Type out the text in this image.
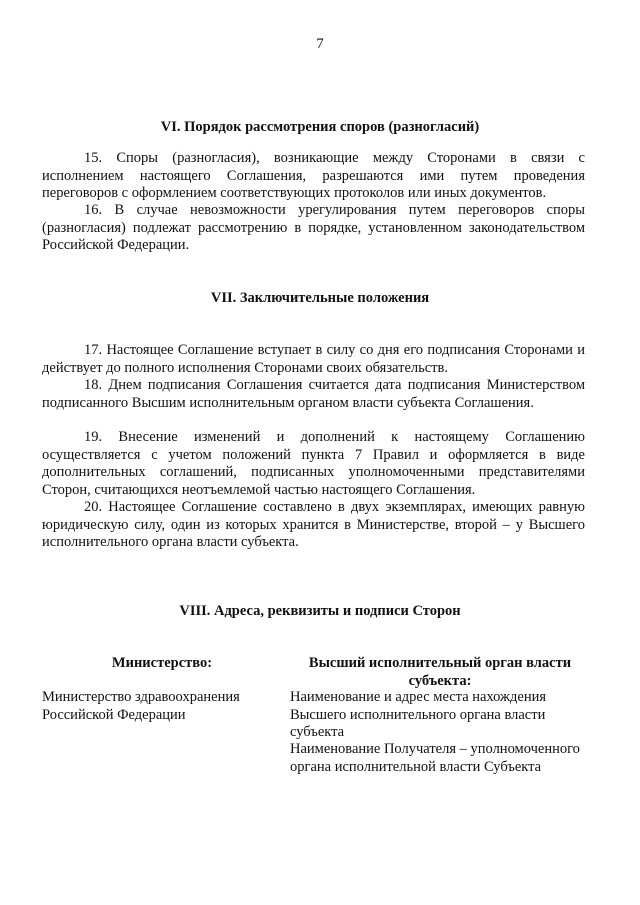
7
VI. Порядок рассмотрения споров (разногласий)

15. Споры (разногласия), возникающие между Сторонами в связи с исполнением настоящего Соглашения, разрешаются ими путем проведения переговоров с оформлением соответствующих протоколов или иных документов.

16. В случае невозможности урегулирования путем переговоров споры (разногласия) подлежат рассмотрению в порядке, установленном законодательством Российской Федерации.

VII. Заключительные положения

17. Настоящее Соглашение вступает в силу со дня его подписания Сторонами и действует до полного исполнения Сторонами своих обязательств.

18. Днем подписания Соглашения считается дата подписания Министерством подписанного Высшим исполнительным органом власти субъекта Соглашения.

19. Внесение изменений и дополнений к настоящему Соглашению осуществляется с учетом положений пункта 7 Правил и оформляется в виде дополнительных соглашений, подписанных уполномоченными представителями Сторон, считающихся неотъемлемой частью настоящего Соглашения.

20. Настоящее Соглашение составлено в двух экземплярах, имеющих равную юридическую силу, один из которых хранится в Министерстве, второй – у Высшего исполнительного органа власти субъекта.

VIII. Адреса, реквизиты и подписи Сторон
Министерство:
Министерство здравоохранения Российской Федерации
Высший исполнительный орган власти субъекта:
Наименование и адрес места нахождения Высшего исполнительного органа власти субъекта
Наименование Получателя – уполномоченного органа исполнительной власти Субъекта
